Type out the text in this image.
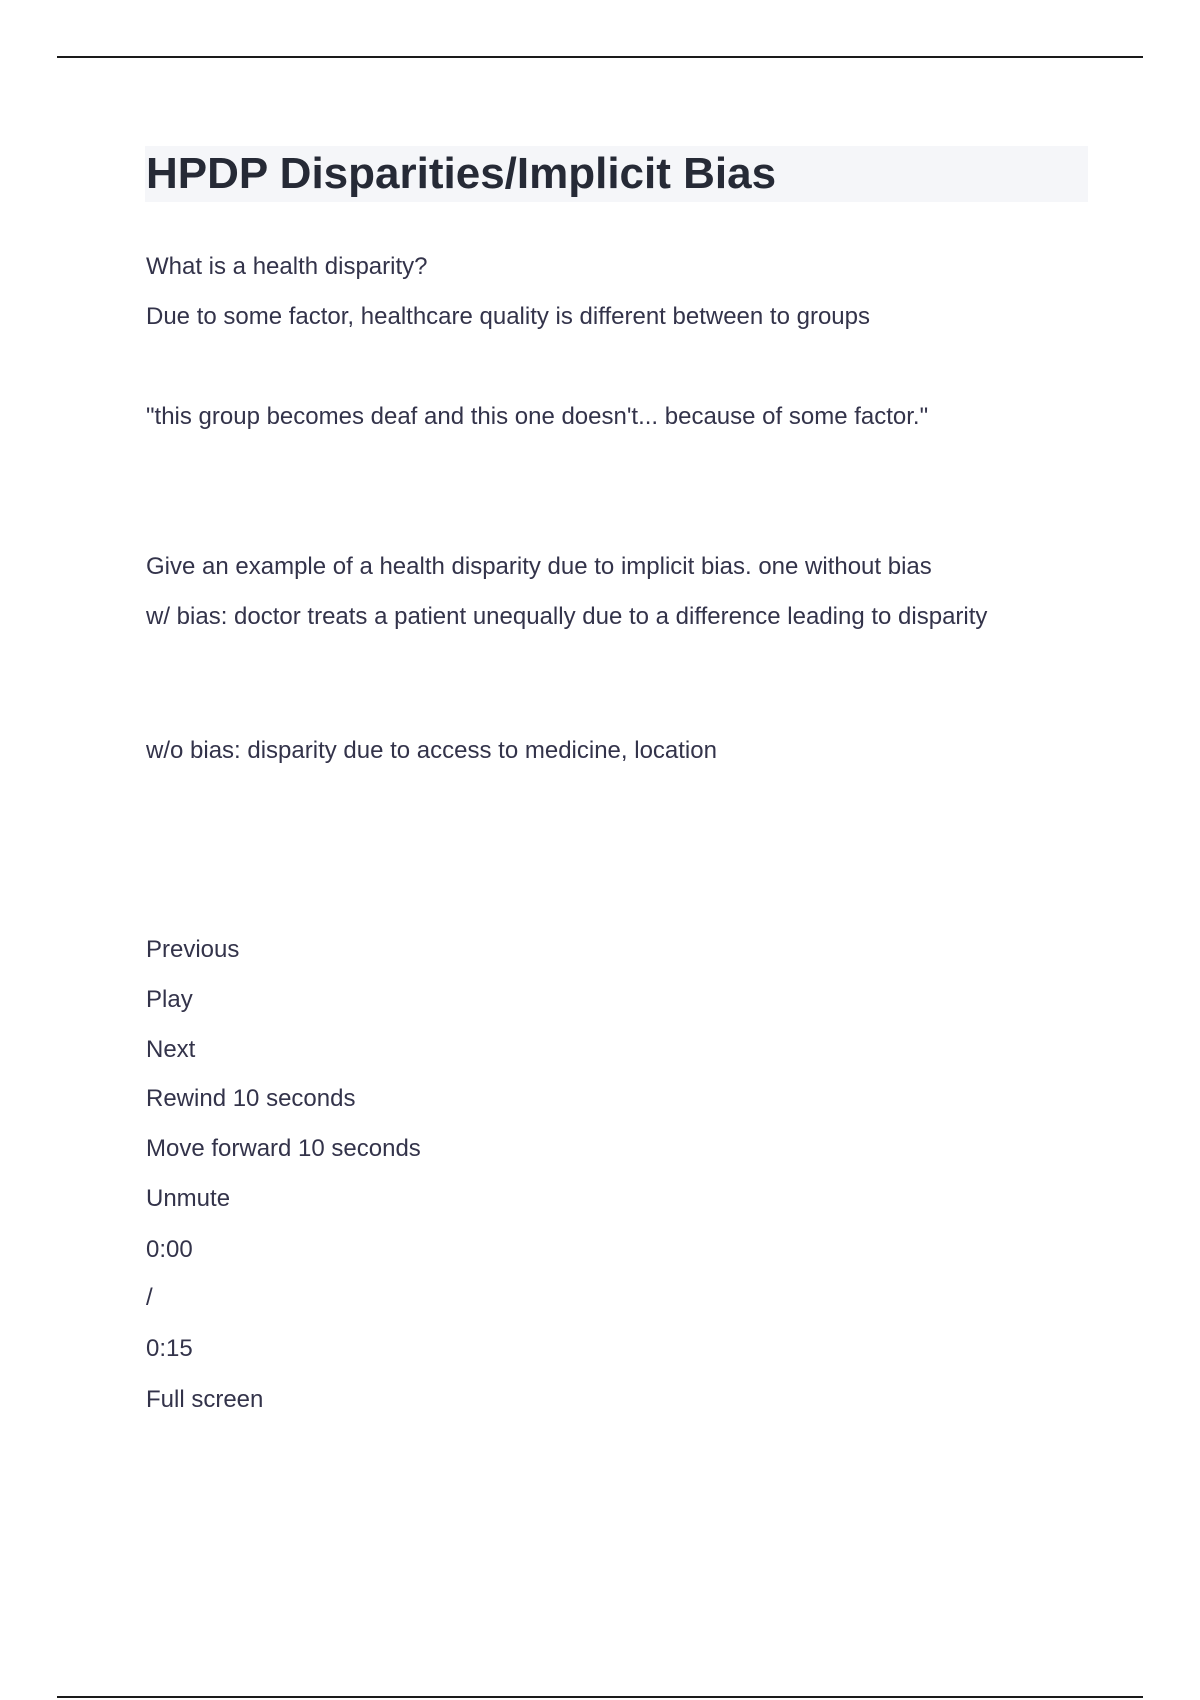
HPDP Disparities/Implicit Bias

What is a health disparity?

Due to some factor, healthcare quality is different between to groups

"this group becomes deaf and this one doesn't... because of some factor."

Give an example of a health disparity due to implicit bias. one without bias

w/ bias: doctor treats a patient unequally due to a difference leading to disparity

w/o bias: disparity due to access to medicine, location

Previous

Play

Next

Rewind 10 seconds

Move forward 10 seconds

Unmute

0:00

/

0:15

Full screen
